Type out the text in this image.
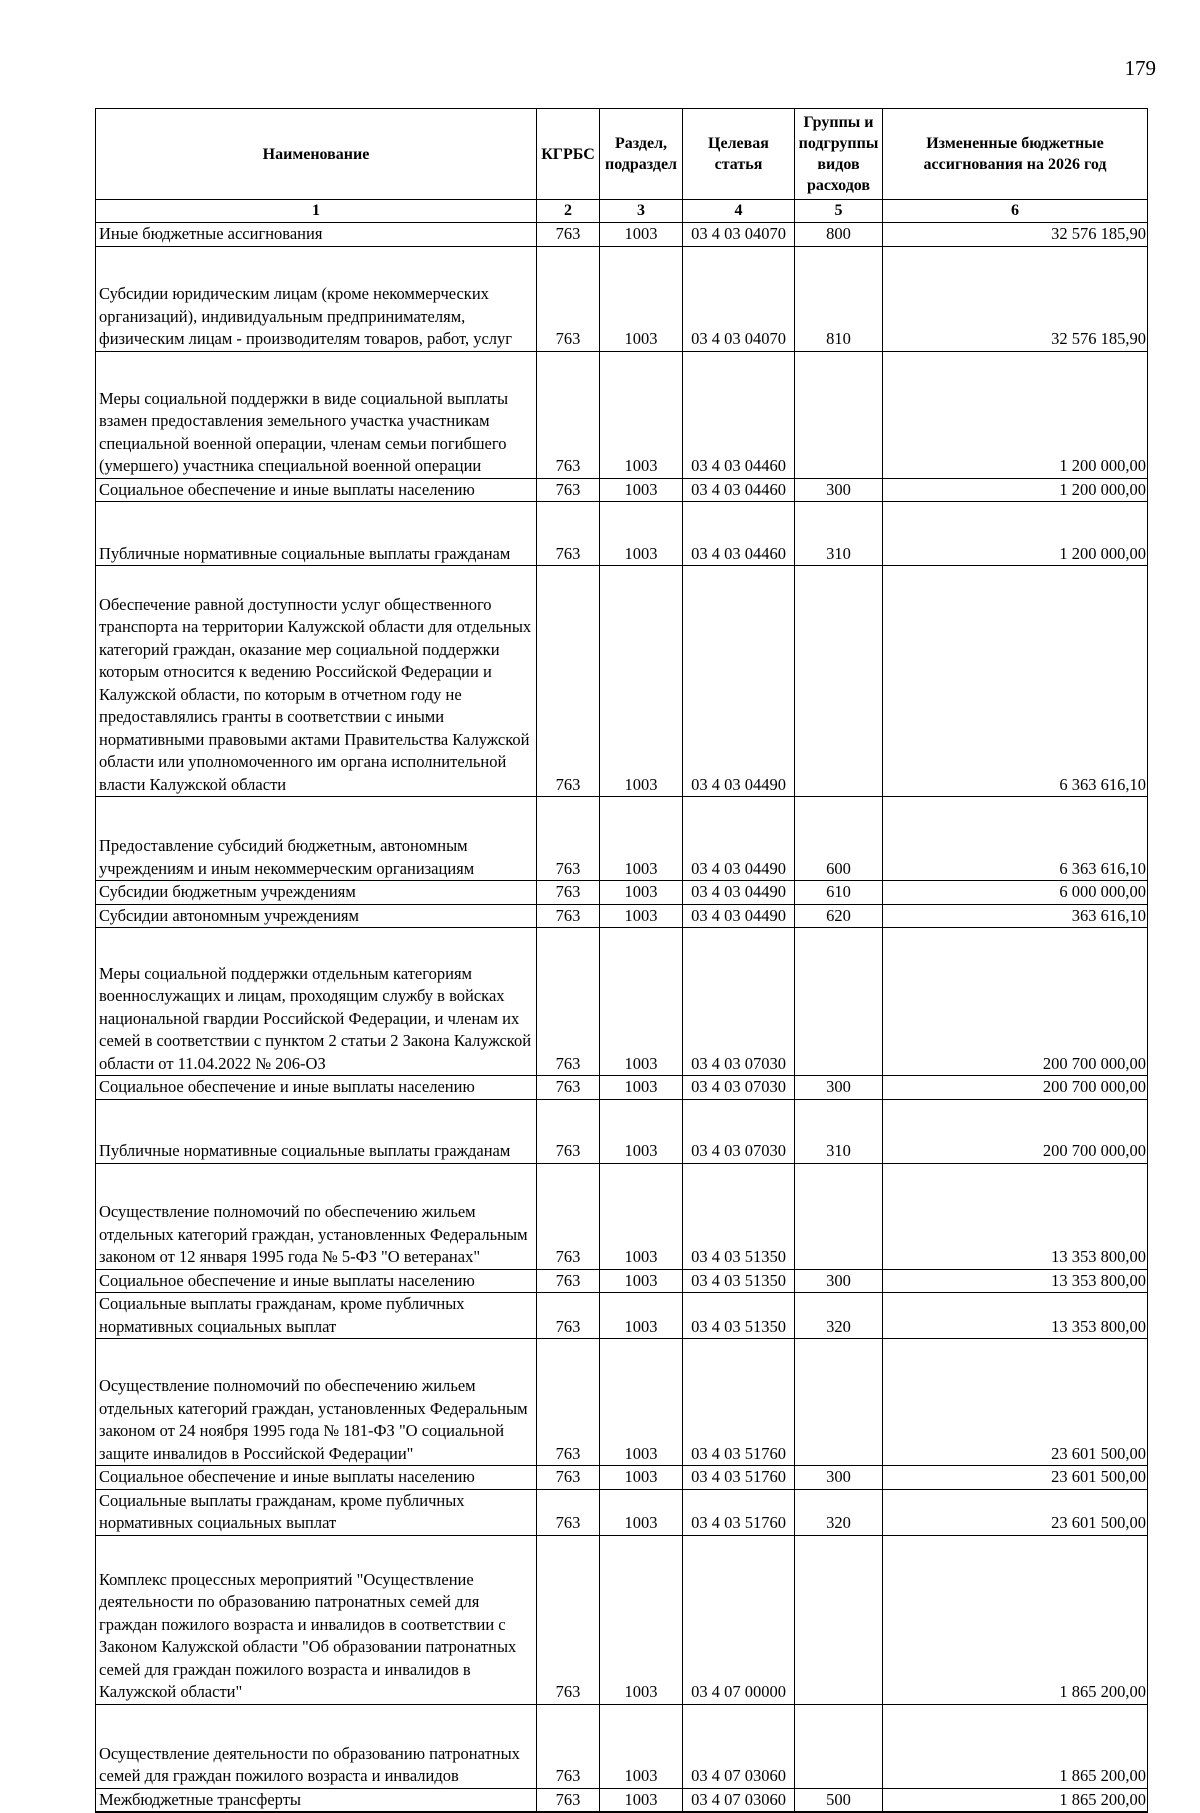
179
Наименование	КГРБС	Раздел, подраздел	Целевая статья	Группы и подгруппы видов расходов	Измененные бюджетные ассигнования на 2026 год
1	2	3	4	5	6
Иные бюджетные ассигнования	763	1003	03 4 03 04070	800	32 576 185,90

Субсидии юридическим лицам (кроме некоммерческих организаций), индивидуальным предпринимателям, физическим лицам - производителям товаров, работ, услуг	763	1003	03 4 03 04070	810	32 576 185,90

Меры социальной поддержки в виде социальной выплаты взамен предоставления земельного участка участникам специальной военной операции, членам семьи погибшего (умершего) участника специальной военной операции	763	1003	03 4 03 04460		1 200 000,00
Социальное обеспечение и иные выплаты населению	763	1003	03 4 03 04460	300	1 200 000,00

Публичные нормативные социальные выплаты гражданам	763	1003	03 4 03 04460	310	1 200 000,00

Обеспечение равной доступности услуг общественного транспорта на территории Калужской области для отдельных категорий граждан, оказание мер социальной поддержки которым относится к ведению Российской Федерации и Калужской области, по которым в отчетном году не предоставлялись гранты в соответствии с иными нормативными правовыми актами Правительства Калужской области или уполномоченного им органа исполнительной власти Калужской области	763	1003	03 4 03 04490		6 363 616,10

Предоставление субсидий бюджетным, автономным учреждениям и иным некоммерческим организациям	763	1003	03 4 03 04490	600	6 363 616,10
Субсидии бюджетным учреждениям	763	1003	03 4 03 04490	610	6 000 000,00
Субсидии автономным учреждениям	763	1003	03 4 03 04490	620	363 616,10

Меры социальной поддержки отдельным категориям военнослужащих и лицам, проходящим службу в войсках национальной гвардии Российской Федерации, и членам их семей в соответствии с пунктом 2 статьи 2 Закона Калужской области от 11.04.2022 № 206-ОЗ	763	1003	03 4 03 07030		200 700 000,00
Социальное обеспечение и иные выплаты населению	763	1003	03 4 03 07030	300	200 700 000,00

Публичные нормативные социальные выплаты гражданам	763	1003	03 4 03 07030	310	200 700 000,00

Осуществление полномочий по обеспечению жильем отдельных категорий граждан, установленных Федеральным законом от 12 января 1995 года № 5-ФЗ "О ветеранах"	763	1003	03 4 03 51350		13 353 800,00
Социальное обеспечение и иные выплаты населению	763	1003	03 4 03 51350	300	13 353 800,00
Социальные выплаты гражданам, кроме публичных нормативных социальных выплат	763	1003	03 4 03 51350	320	13 353 800,00

Осуществление полномочий по обеспечению жильем отдельных категорий граждан, установленных Федеральным законом от 24 ноября 1995 года № 181-ФЗ "О социальной защите инвалидов в Российской Федерации"	763	1003	03 4 03 51760		23 601 500,00
Социальное обеспечение и иные выплаты населению	763	1003	03 4 03 51760	300	23 601 500,00
Социальные выплаты гражданам, кроме публичных нормативных социальных выплат	763	1003	03 4 03 51760	320	23 601 500,00

Комплекс процессных мероприятий "Осуществление деятельности по образованию патронатных семей для граждан пожилого возраста и инвалидов в соответствии с Законом Калужской области "Об образовании патронатных семей для граждан пожилого возраста и инвалидов в Калужской области"	763	1003	03 4 07 00000		1 865 200,00

Осуществление деятельности по образованию патронатных семей для граждан пожилого возраста и инвалидов	763	1003	03 4 07 03060		1 865 200,00
Межбюджетные трансферты	763	1003	03 4 07 03060	500	1 865 200,00
